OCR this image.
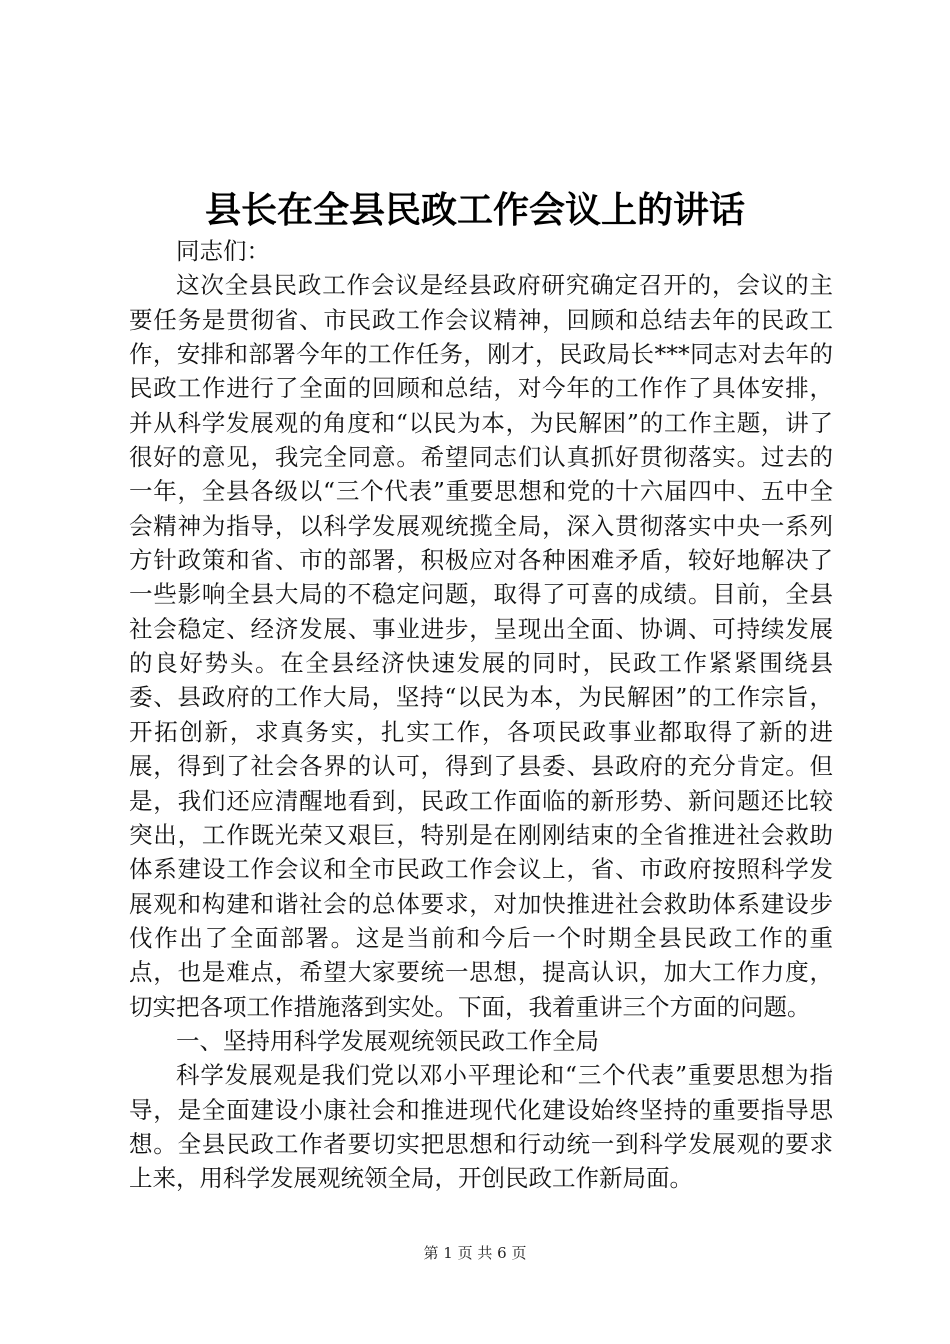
县长在全县民政工作会议上的讲话

同志们：

这次全县民政工作会议是经县政府研究确定召开的，会议的主要任务是贯彻省、市民政工作会议精神，回顾和总结去年的民政工作，安排和部署今年的工作任务，刚才，民政局长***同志对去年的民政工作进行了全面的回顾和总结，对今年的工作作了具体安排，并从科学发展观的角度和“以民为本，为民解困”的工作主题，讲了很好的意见，我完全同意。希望同志们认真抓好贯彻落实。过去的一年，全县各级以“三个代表”重要思想和党的十六届四中、五中全会精神为指导，以科学发展观统揽全局，深入贯彻落实中央一系列方针政策和省、市的部署，积极应对各种困难矛盾，较好地解决了一些影响全县大局的不稳定问题，取得了可喜的成绩。目前，全县社会稳定、经济发展、事业进步，呈现出全面、协调、可持续发展的良好势头。在全县经济快速发展的同时，民政工作紧紧围绕县委、县政府的工作大局，坚持“以民为本，为民解困”的工作宗旨，开拓创新，求真务实，扎实工作，各项民政事业都取得了新的进展，得到了社会各界的认可，得到了县委、县政府的充分肯定。但是，我们还应清醒地看到，民政工作面临的新形势、新问题还比较突出，工作既光荣又艰巨，特别是在刚刚结束的全省推进社会救助体系建设工作会议和全市民政工作会议上，省、市政府按照科学发展观和构建和谐社会的总体要求，对加快推进社会救助体系建设步伐作出了全面部署。这是当前和今后一个时期全县民政工作的重点，也是难点，希望大家要统一思想，提高认识，加大工作力度，切实把各项工作措施落到实处。下面，我着重讲三个方面的问题。

一、坚持用科学发展观统领民政工作全局

科学发展观是我们党以邓小平理论和“三个代表”重要思想为指导，是全面建设小康社会和推进现代化建设始终坚持的重要指导思想。全县民政工作者要切实把思想和行动统一到科学发展观的要求上来，用科学发展观统领全局，开创民政工作新局面。

第 1 页 共 6 页
